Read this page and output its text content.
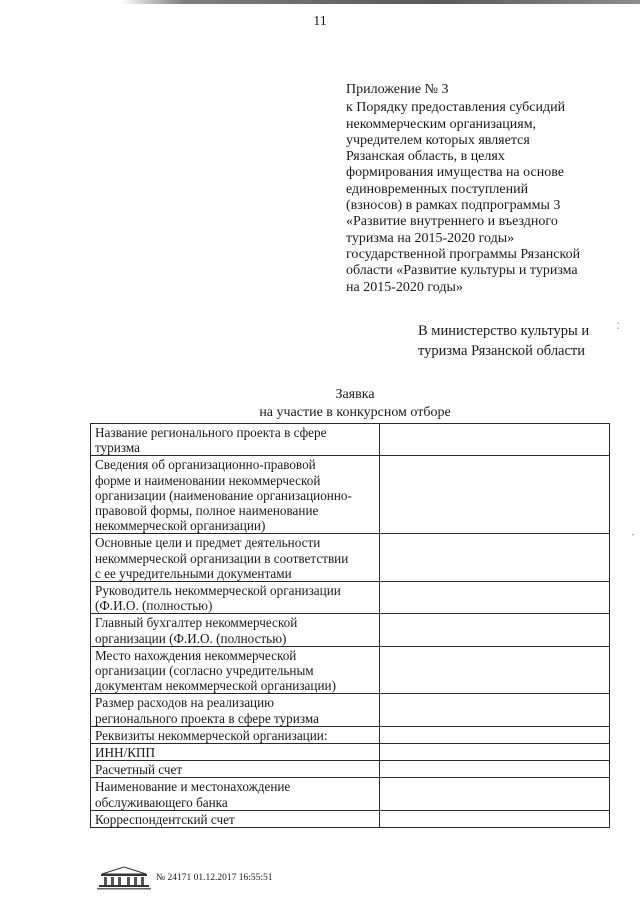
11
Приложение № 3
к Порядку предоставления субсидий
некоммерческим организациям,
учредителем которых является
Рязанская область, в целях
формирования имущества на основе
единовременных поступлений
(взносов) в рамках подпрограммы 3
«Развитие внутреннего и въездного
туризма на 2015-2020 годы»
государственной программы Рязанской
области «Развитие культуры и туризма
на 2015-2020 годы»
В министерство культуры и
туризма Рязанской области
Заявка
на участие в конкурсном отборе
Название регионального проекта в сфере
туризма	

Сведения об организационно-правовой
форме и наименовании некоммерческой
организации (наименование организационно-
правовой формы, полное наименование
некоммерческой организации)	

Основные цели и предмет деятельности
некоммерческой организации в соответствии
с ее учредительными документами	

Руководитель некоммерческой организации
(Ф.И.О. (полностью)	

Главный бухгалтер некоммерческой
организации (Ф.И.О. (полностью)	

Место нахождения некоммерческой
организации (согласно учредительным
документам некоммерческой организации)	

Размер расходов на реализацию
регионального проекта в сфере туризма	

Реквизиты некоммерческой организации:	

ИНН/КПП	

Расчетный счет	

Наименование и местонахождение
обслуживающего банка	

Корреспондентский счет	

№ 24171 01.12.2017 16:55:51
:
·
